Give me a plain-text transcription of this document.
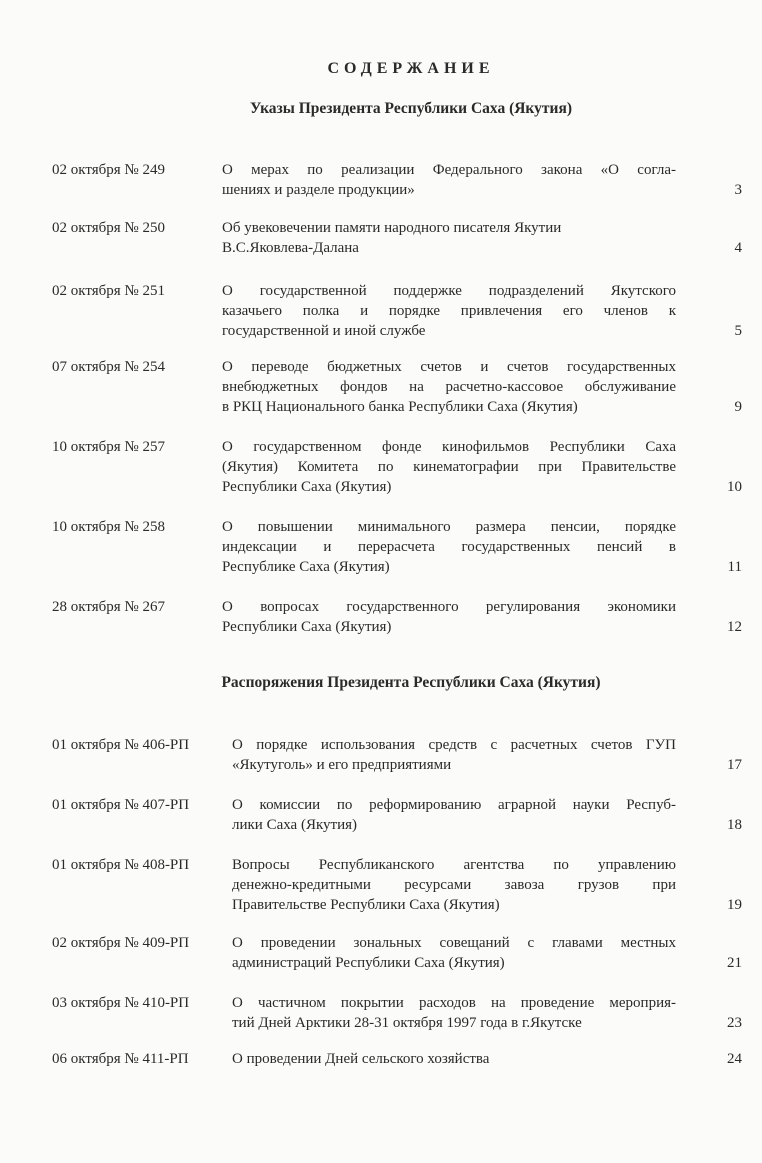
СОДЕРЖАНИЕ
Указы Президента Республики Саха (Якутия)
Распоряжения Президента Республики Саха (Якутия)
02 октября № 249	О мерах по реализации Федерального закона «О согла-
шениях и разделе продукции»	3
02 октября № 250	Об увековечении памяти народного писателя Якутии
В.С.Яковлева-Далана	4
02 октября № 251	О государственной поддержке подразделений Якутского
казачьего полка и порядке привлечения его членов к
государственной и иной службе	5
07 октября № 254	О переводе бюджетных счетов и счетов государственных
внебюджетных фондов на расчетно-кассовое обслуживание
в РКЦ Национального банка Республики Саха (Якутия)	9
10 октября № 257	О государственном фонде кинофильмов Республики Саха
(Якутия) Комитета по кинематографии при Правительстве
Республики Саха (Якутия)	10
10 октября № 258	О повышении минимального размера пенсии, порядке
индексации и перерасчета государственных пенсий в
Республике Саха (Якутия)	11
28 октября № 267	О вопросах государственного регулирования экономики
Республики Саха (Якутия)	12
01 октября № 406-РП	О порядке использования средств с расчетных счетов ГУП
«Якутуголь» и его предприятиями	17
01 октября № 407-РП	О комиссии по реформированию аграрной науки Респуб-
лики Саха (Якутия)	18
01 октября № 408-РП	Вопросы Республиканского агентства по управлению
денежно-кредитными ресурсами завоза грузов при
Правительстве Республики Саха (Якутия)	19
02 октября № 409-РП	О проведении зональных совещаний с главами местных
администраций Республики Саха (Якутия)	21
03 октября № 410-РП	О частичном покрытии расходов на проведение мероприя-
тий Дней Арктики 28-31 октября 1997 года в г.Якутске	23
06 октября № 411-РП	О проведении Дней сельского хозяйства	24
